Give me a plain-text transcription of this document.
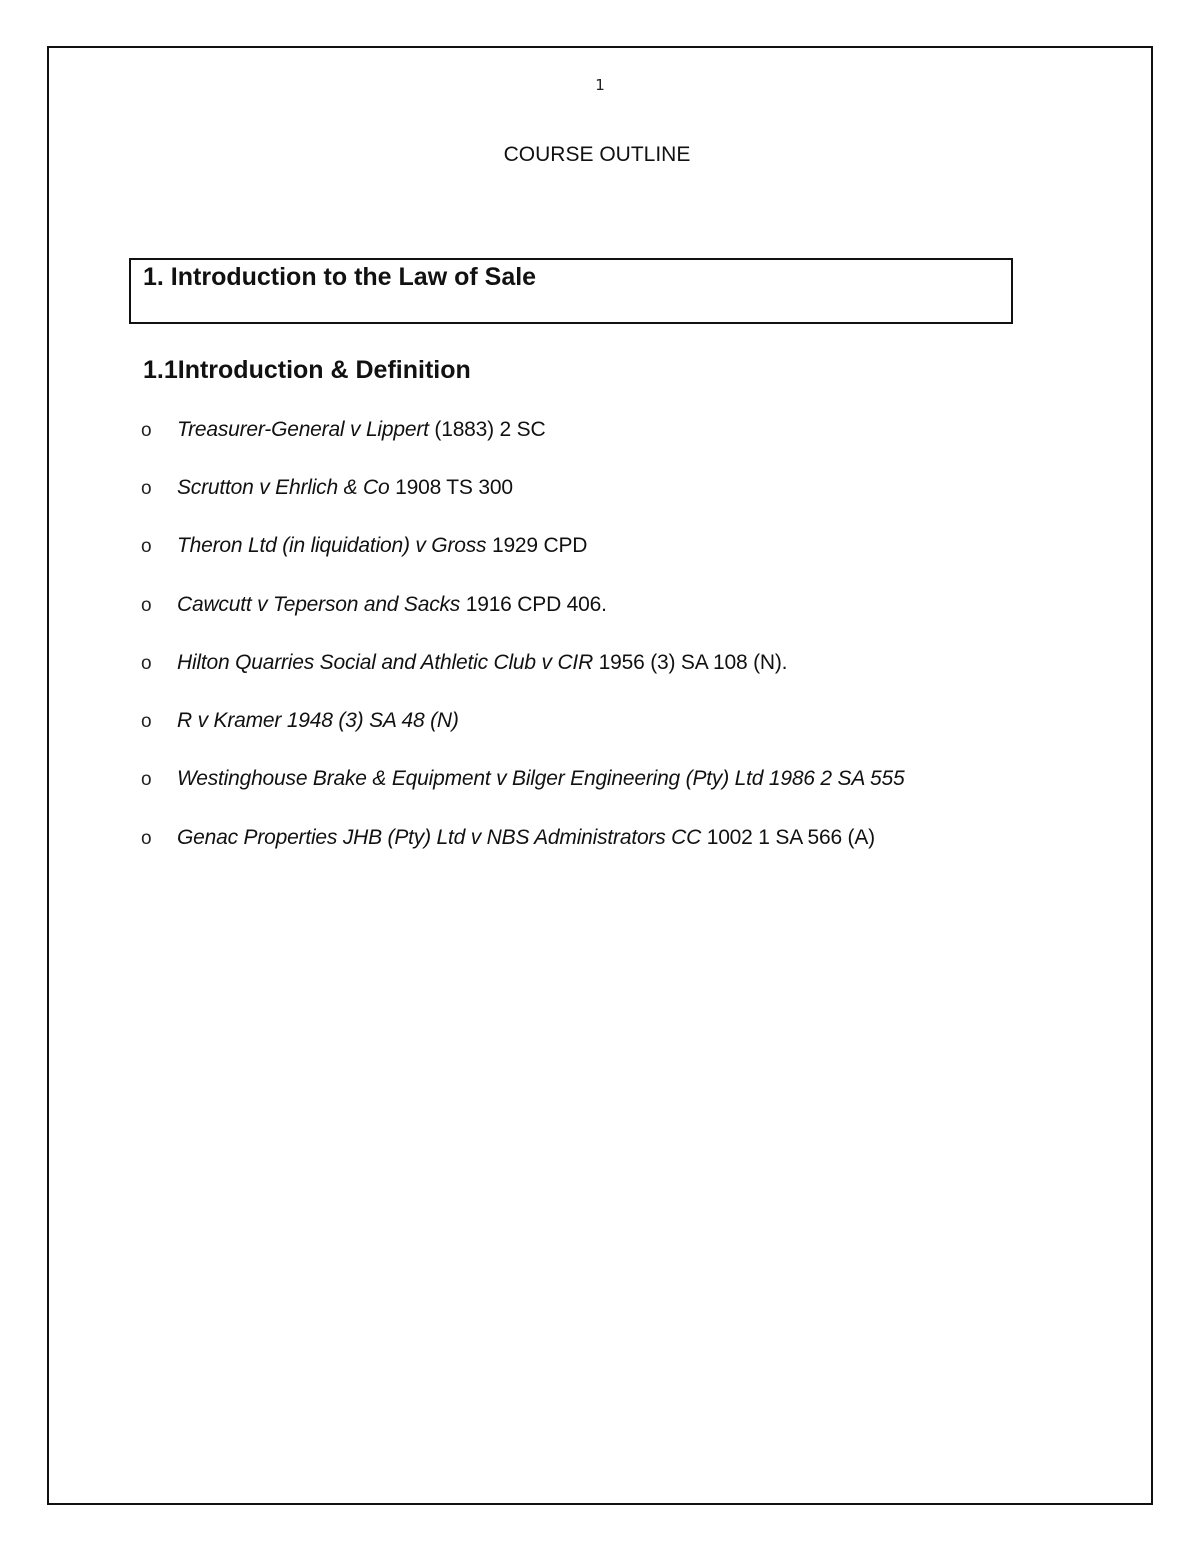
1
COURSE OUTLINE
1. Introduction to the Law of Sale
1.1Introduction & Definition
o Treasurer-General v Lippert (1883) 2 SC
o Scrutton v Ehrlich & Co 1908 TS 300
o Theron Ltd (in liquidation) v Gross 1929 CPD
o Cawcutt v Teperson and Sacks 1916 CPD 406.
o Hilton Quarries Social and Athletic Club v CIR 1956 (3) SA 108 (N).
o R v Kramer 1948 (3) SA 48 (N)
o Westinghouse Brake & Equipment v Bilger Engineering (Pty) Ltd 1986 2 SA 555
o Genac Properties JHB (Pty) Ltd v NBS Administrators CC 1002 1 SA 566 (A)
